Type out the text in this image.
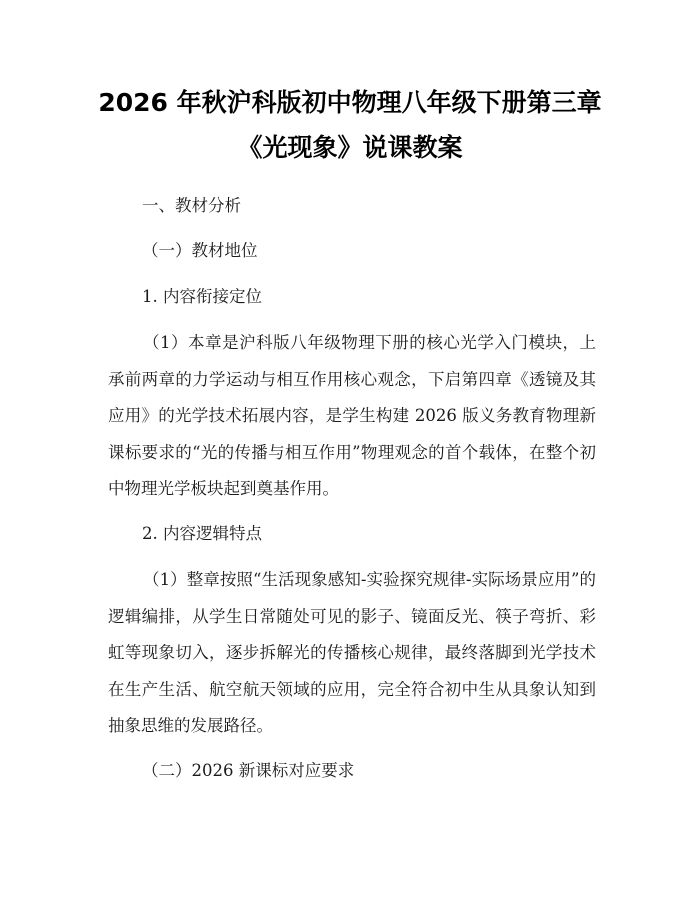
2026 年秋沪科版初中物理八年级下册第三章
《光现象》说课教案
一、教材分析
（一）教材地位
1. 内容衔接定位
（1）本章是沪科版八年级物理下册的核心光学入门模块，上承前两章的力学运动与相互作用核心观念，下启第四章《透镜及其应用》的光学技术拓展内容，是学生构建 2026 版义务教育物理新课标要求的“光的传播与相互作用”物理观念的首个载体，在整个初中物理光学板块起到奠基作用。
2. 内容逻辑特点
（1）整章按照“生活现象感知-实验探究规律-实际场景应用”的逻辑编排，从学生日常随处可见的影子、镜面反光、筷子弯折、彩虹等现象切入，逐步拆解光的传播核心规律，最终落脚到光学技术在生产生活、航空航天领域的应用，完全符合初中生从具象认知到抽象思维的发展路径。
（二）2026 新课标对应要求
